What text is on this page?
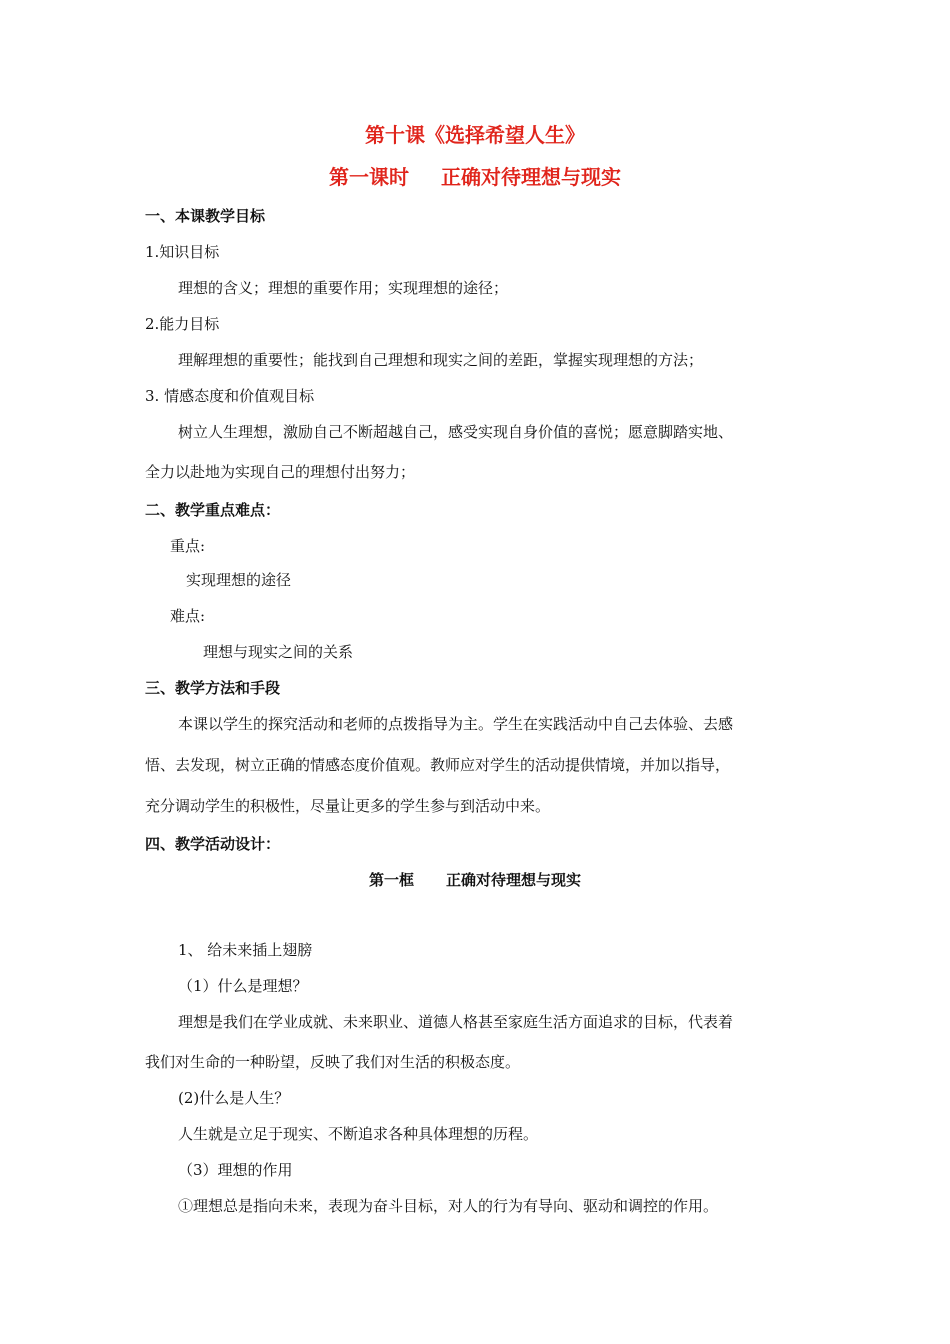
第十课《选择希望人生》
第一课时 正确对待理想与现实
一、本课教学目标
1.知识目标
理想的含义；理想的重要作用；实现理想的途径；
2.能力目标
理解理想的重要性；能找到自己理想和现实之间的差距，掌握实现理想的方法；
3. 情感态度和价值观目标
树立人生理想，激励自己不断超越自己，感受实现自身价值的喜悦；愿意脚踏实地、
全力以赴地为实现自己的理想付出努力；
二、教学重点难点：
重点:
实现理想的途径
难点:
理想与现实之间的关系
三、教学方法和手段
本课以学生的探究活动和老师的点拨指导为主。学生在实践活动中自己去体验、去感
悟、去发现，树立正确的情感态度价值观。教师应对学生的活动提供情境，并加以指导，
充分调动学生的积极性，尽量让更多的学生参与到活动中来。
四、教学活动设计：
第一框 正确对待理想与现实
1、 给未来插上翅膀
（1）什么是理想？
理想是我们在学业成就、未来职业、道德人格甚至家庭生活方面追求的目标，代表着
我们对生命的一种盼望，反映了我们对生活的积极态度。
(2)什么是人生？
人生就是立足于现实、不断追求各种具体理想的历程。
（3）理想的作用
①理想总是指向未来，表现为奋斗目标，对人的行为有导向、驱动和调控的作用。
